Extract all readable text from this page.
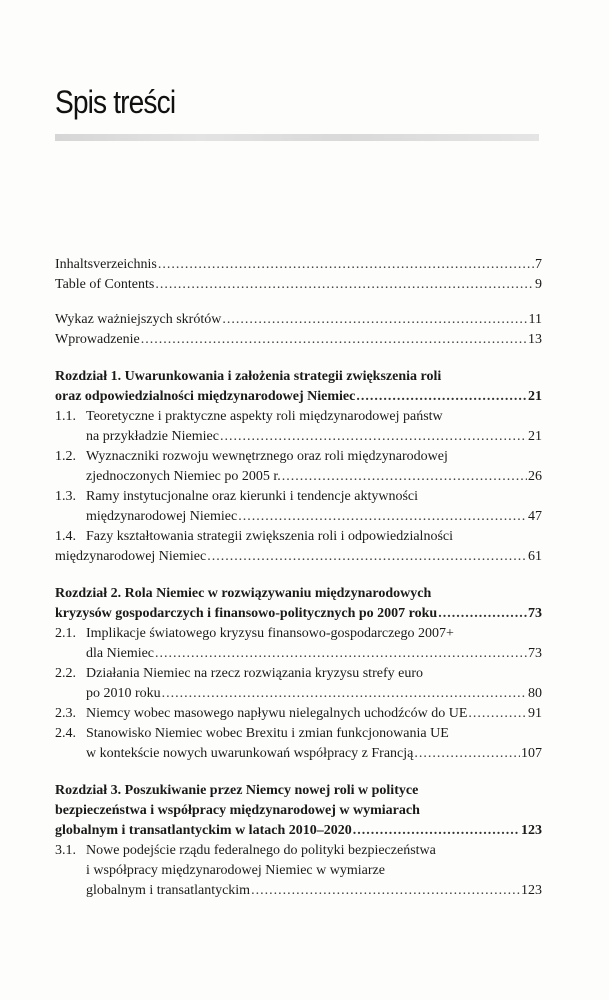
Spis treści
Inhaltsverzeichnis .....	7
Table of Contents .....	9
Wykaz ważniejszych skrótów .....	11
Wprowadzenie .....	13
Rozdział 1. Uwarunkowania i założenia strategii zwiększenia roli
oraz odpowiedzialności międzynarodowej Niemiec .....	21
1.1. Teoretyczne i praktyczne aspekty roli międzynarodowej państw
na przykładzie Niemiec .....	21
1.2. Wyznaczniki rozwoju wewnętrznego oraz roli międzynarodowej
zjednoczonych Niemiec po 2005 r. .....	26
1.3. Ramy instytucjonalne oraz kierunki i tendencje aktywności
międzynarodowej Niemiec .....	47
1.4. Fazy kształtowania strategii zwiększenia roli i odpowiedzialności
międzynarodowej Niemiec .....	61
Rozdział 2. Rola Niemiec w rozwiązywaniu międzynarodowych
kryzysów gospodarczych i finansowo-politycznych po 2007 roku .....	73
2.1. Implikacje światowego kryzysu finansowo-gospodarczego 2007+
dla Niemiec .....	73
2.2. Działania Niemiec na rzecz rozwiązania kryzysu strefy euro
po 2010 roku .....	80
2.3. Niemcy wobec masowego napływu nielegalnych uchodźców do UE .....	91
2.4. Stanowisko Niemiec wobec Brexitu i zmian funkcjonowania UE
w kontekście nowych uwarunkowań współpracy z Francją .....	107
Rozdział 3. Poszukiwanie przez Niemcy nowej roli w polityce
bezpieczeństwa i współpracy międzynarodowej w wymiarach
globalnym i transatlantyckim w latach 2010–2020 .....	123
3.1. Nowe podejście rządu federalnego do polityki bezpieczeństwa
i współpracy międzynarodowej Niemiec w wymiarze
globalnym i transatlantyckim .....	123
